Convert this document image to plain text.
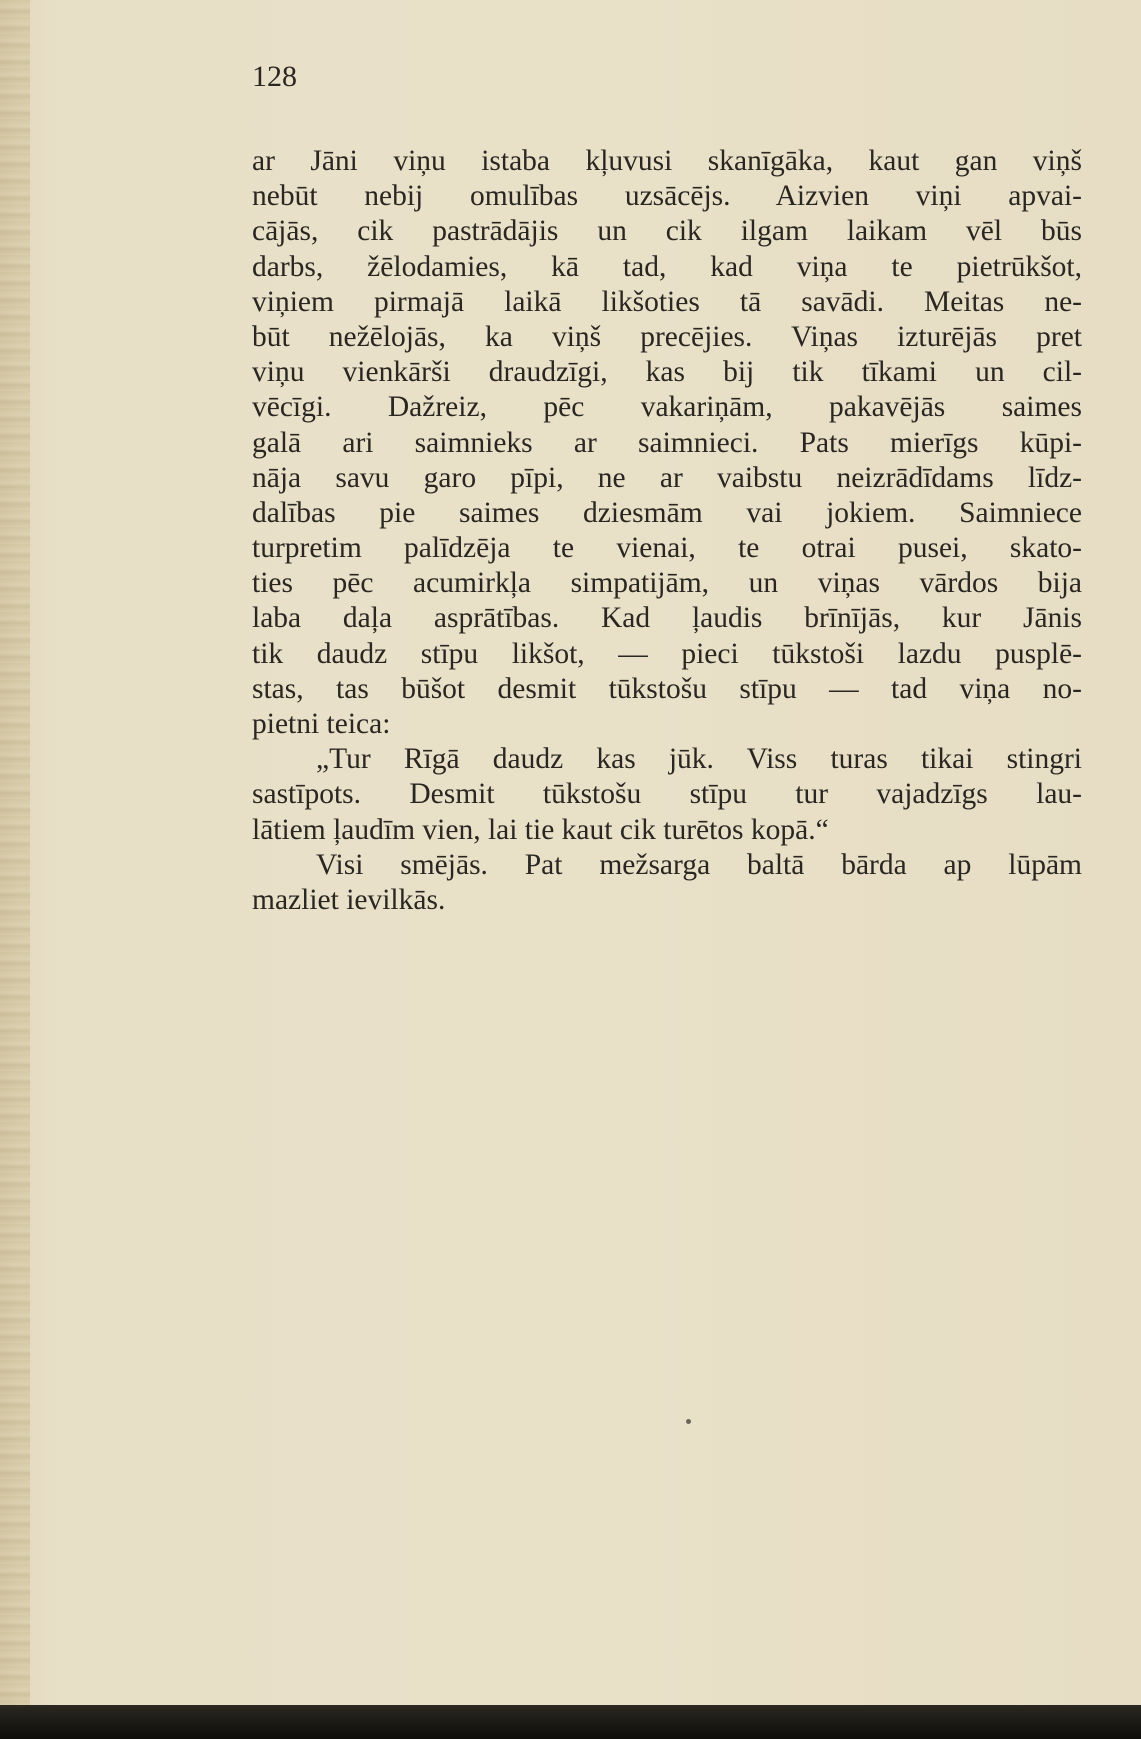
128
ar Jāni viņu istaba kļuvusi skanīgāka, kaut gan viņš
nebūt nebij omulības uzsācējs. Aizvien viņi apvai-
cājās, cik pastrādājis un cik ilgam laikam vēl būs
darbs, žēlodamies, kā tad, kad viņa te pietrūkšot,
viņiem pirmajā laikā likšoties tā savādi. Meitas ne-
būt nežēlojās, ka viņš precējies. Viņas izturējās pret
viņu vienkārši draudzīgi, kas bij tik tīkami un cil-
vēcīgi. Dažreiz, pēc vakariņām, pakavējās saimes
galā ari saimnieks ar saimnieci. Pats mierīgs kūpi-
nāja savu garo pīpi, ne ar vaibstu neizrādīdams līdz-
dalības pie saimes dziesmām vai jokiem. Saimniece
turpretim palīdzēja te vienai, te otrai pusei, skato-
ties pēc acumirkļa simpatijām, un viņas vārdos bija
laba daļa asprātības. Kad ļaudis brīnījās, kur Jānis
tik daudz stīpu likšot, — pieci tūkstoši lazdu pusplē-
stas, tas būšot desmit tūkstošu stīpu — tad viņa no-
pietni teica:
„Tur Rīgā daudz kas jūk. Viss turas tikai stingri
sastīpots. Desmit tūkstošu stīpu tur vajadzīgs lau-
lātiem ļaudīm vien, lai tie kaut cik turētos kopā.“
Visi smējās. Pat mežsarga baltā bārda ap lūpām
mazliet ievilkās.
